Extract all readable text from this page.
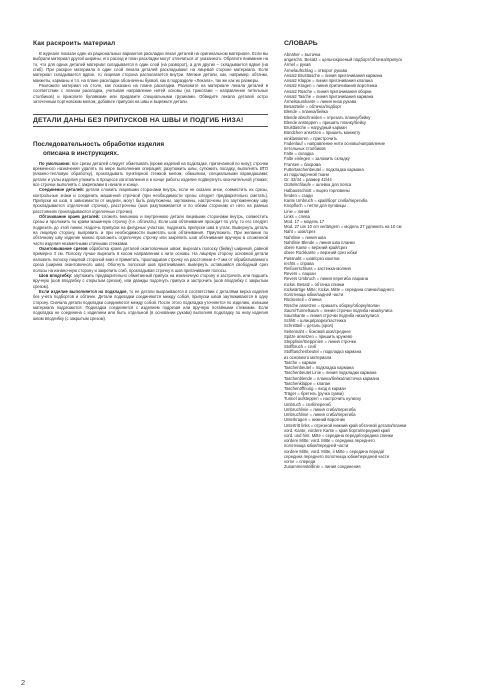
Как раскроить материал

В журнале показан один из рациональных вариантов раскладки лекал деталей на оригинальном материале. Если вы выбрали материал другой ширины, его расход и план раскладки могут отличаться от указанного. Обратите внимание на то, что для одних деталей материал складывается в один слой (на разворот), а для других – складывается вдвое (на сгиб). При раскрое материала в один слой лекала деталей раскладывают на лицевой стороне материала. Если материал складывается вдвое, то лицевая сторона располагается внутри. Мелкие детали, как, например, обтачки, манжеты, карманы и т.п. на плане раскладки обозначены буквой, как в подразделе «Лекала», так же как их размеры.

Разложите материал на столе, как показано на плане раскладки. Разложите на материале лекала деталей в соответствии с планом раскладки, учитывая направление нитей основы (на трикотаже – направление петельных столбиков) и приколите булавками или придавите специальными грузиками. Обведите лекала деталей остро заточенным портновским мелом, добавьте припуски на швы и вырежьте детали.

ДЕТАЛИ ДАНЫ БЕЗ ПРИПУСКОВ НА ШВЫ И ПОДГИБ НИЗА!
Последовательность обработки изделия
описана в инструкциях.

По умолчанию: все срезы деталей следует обметывать (кроме изделий на подкладке, притачанной по низу); строчки временного назначения удалять по мере выполнения операций; разутюжить швы, сутюжить посадку, выполнять ВТО (влажно-тепловую обработку), прокладывать пунктирной стежкой мелом, обмылком, специальными карандашами; детали и узлы изделия утюжить в процессе изготовления и в конце работы изделие подвергнуть окончательной утюжке; все строчки выполнять с закрепками в начале и конце.

Соединение деталей: детали сложить лицевыми сторонами внутрь, если не сказано иное, совместить их срезы, контрольные знаки и соединить машинной строчкой (при необходимости срезы следует предварительно сметать). Припуски на шов, в зависимости от модели, могут быть разутюжены, заутюжены, настрочены (по заутюженному шву прокладывается отделочная строчка), расстрочены (шов разутюживается и по обеим сторонам от него на равных расстояниях прокладываются отделочные строчки).

Обтачивание краев деталей: сложить внешнюю и внутреннюю детали лицевыми сторонами внутрь, совместить срезы и проложить по краям машинную строчку (т.е. обтачать). Если шов обтачивания проходит по углу, то его следует подрезать до этой линии. Надсечь припуски на фигурных участках, подрезать припуски шва в углах. Вывернуть деталь на лицевую сторону, выправить и при необходимости выметать шов обтачивания. Приутюжить. При желании по обтачному шву изделие можно проложить отделочную строчку или закрепить шов обтачивания вручную в сложенной части изделия незаметными стачными стежками.

Окантовывание срезов обработка краев деталей окантовочным швом: вырезать полоску (бейку) шириной, равной примерно 3 см. Полоску лучше вырезать в косом направлении к нити основы. На лицевую сторону основной детали наложить полоску лицевой стороной вниз и приметать, прокладывая строчку на расстоянии 4–7 мм от обрабатываемого среза (ширина окантовочного шва). Обогнуть полоской шов притачивания, вывернуть оставшийся свободный срез полосы на изнаночную сторону и закрепить сгиб, прокладывая строчку в шов притачивания полосы.

Шов вподгибку: заутюжить предварительно обметанный припуск на изнаночную сторону и застрочить или подшить вручную (шов вподгибку с открытым срезом), или дважды подогнуть припуск и застрочить (шов вподгибку с закрытым срезом).

Если изделие выполняется на подкладке, то ее детали выкраиваются в соответствии с деталями верха изделия без учета подбортов и обтачек. Детали подкладки соединяются между собой, припуски швов заутюживаются в одну сторону. Сначала детали подкладки соединяются между собой. После этого подкладка уточняется по изделию, излишки материала подрезаются. Подкладка соединяется с изделием подрезая или вручную потайными стежками. Если подкладка не соединена с изделием или быть отдельной (в основании рукава) выполняя подкладку по низу изделия швом вподгибку (с закрытым срезом).

СЛОВАРЬ
Abnäher = вытачка
angeschn. Besatz = цельнокроеный подборт/обтачка/припуск
Ärmel = рукав
Ärmelaufschlag = отворот рукава
Ansatz Brusttasche = линия притачивания кармана
Ansatz Klappe = линия притачивания клапана
Ansatz Kragen = линия притачивания воротника
Ansatz Rüsche = линия притачивания оборки
Ansatz Tasche = линия притачивания кармана
Ärmelsaumkante = линия низа рукава
Besatzteile = обтачка/подборт
Blende = планка/бейка
Blende abschneiden = отрезать планку/бейку
Blende ansteppen = пришить планку/бейку
Brusttasche = нагрудный карман
Bündchen ansetzen = пришить манжету
einklassieren = пристрочить
Fadenlauf = направление нити основы/направление
петельных столбиков
Falte = складка
Falte einlegen = заложить складку
Fransen = бахрома
Futtertaschenbeutel = подкладка кармана
из подкладочной ткани
Gr. 42/44 = размер 42/44
Gürtelschlaufe = шлевка для пояса
Halbausschnitt = вырез горловины
fenden = сзади
Kante Umbruch = край/борт сгиба/перегиба
Knopfloch = петля для пуговицы
Linie = линия
Links = слева
Mod. 17 = модель 17
Mod. 27 um 10 cm verlängern = модель 27 удлинить на 10 см
Naht = шов/срез
Nahtlinie = линия шва
Nahtlinie Blende = линия шва планки
obere Kante = верхний край/срез
obere Rockkante = верхний срез юбки
Passnaht = шов/срез кокетки
rechts = справа
Reißverschluss = застежка-молния
Revers = лацкан
Revers Umbruch = линия перегиба лацкана
rückw. Besatz = обтачка спинки
rückwärtige Mitte; rückw. Mitte = середина спинки/заднего
полотнища юбки/задней части
Rückenteil = спинка
Rüsche ansetzen = пришить оборку/оборку/волан
Saum/Tunnelsaum = линия строчки подгиба низа/кулиса
Saumkante = линия строчки подгиба низа/кулиса
Schlitt = шлица/разрез/застежка
Schnittteil = деталь (кроя)
Seitennaht = боковой шов/среднее
Spitze ansetzen = пришить кружево
Stepplinie/Steppinien = линия строчки
Stoffbruch = сгиб
Stofftaschenbeutel = подкладка кармана
из основного материала
Tasche = карман
Taschenbeutel = подкладка кармана
Taschenbeutel Linie = линия подкладки кармана
Taschenblende = планка/бейка/листочка кармана
Taschenklappe = клапан
Taschenöffnung = вход в карман
Träger = бретель (ручка сумки)
Tunnel aufsteppen = настрочить кулиску
Umbruch = сгиб/перегиб
Umbruchlinie = линия сгиба/перегиба
Umbruchlinie = линия сгиба/перегиба
Unterkragen = нижний воротник
Untertritt links = отрезной нижний край обтачной детали/планки
vord. Kante, vordere Kante = край борта/передний край
vord. und hint. Mitte = середина переда/середина спинки
vordere Mitte; vord. Mitte = середина переднего
полотнища юбки/передней части
vordere Mitte, vord. Mitte, ii Mitte = середина переда/
середина переднего полотнища юбки/передней части
vorne = спереди
Zusammensteillinie = линия соединения
2
